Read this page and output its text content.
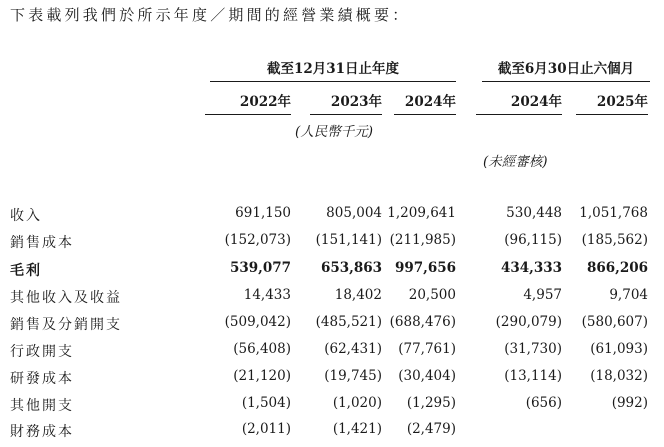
下表載列我們於所示年度／期間的經營業績概要：
截至12月31日止年度	截至6月30日止六個月
2022年	2023年	2024年	2024年	2025年
(人民幣千元)
(未經審核)
收入	691,150	805,004 1,209,641	530,448 1,051,768
銷售成本	(152,073) (151,141) (211,985)	(96,115) (185,562)
毛利	539,077 653,863 997,656	434,333 866,206
其他收入及收益	14,433	18,402 20,500	4,957	9,704
銷售及分銷開支	(509,042) (485,521) (688,476)	(290,079) (580,607)
行政開支	(56,408) (62,431) (77,761)	(31,730) (61,093)
研發成本	(21,120) (19,745) (30,404)	(13,114) (18,032)
其他開支	(1,504)	(1,020) (1,295)	(656)	(992)
財務成本	(2,011)	(1,421) (2,479)
